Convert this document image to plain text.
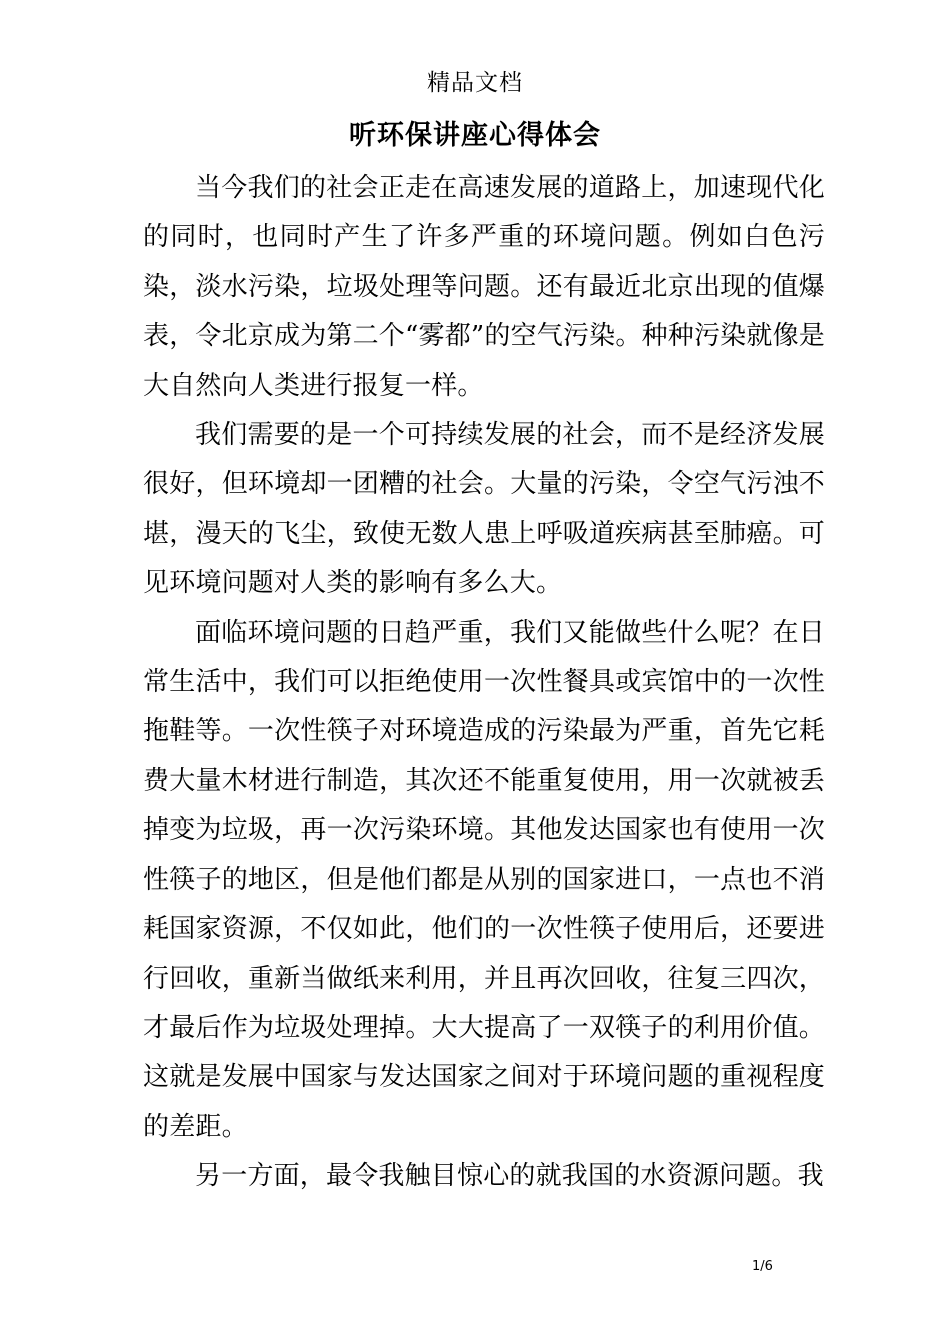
精品文档
听环保讲座心得体会

当今我们的社会正走在高速发展的道路上，加速现代化的同时，也同时产生了许多严重的环境问题。例如白色污染，淡水污染，垃圾处理等问题。还有最近北京出现的值爆表，令北京成为第二个“雾都”的空气污染。种种污染就像是大自然向人类进行报复一样。

我们需要的是一个可持续发展的社会，而不是经济发展很好，但环境却一团糟的社会。大量的污染，令空气污浊不堪，漫天的飞尘，致使无数人患上呼吸道疾病甚至肺癌。可见环境问题对人类的影响有多么大。

面临环境问题的日趋严重，我们又能做些什么呢？在日常生活中，我们可以拒绝使用一次性餐具或宾馆中的一次性拖鞋等。一次性筷子对环境造成的污染最为严重，首先它耗费大量木材进行制造，其次还不能重复使用，用一次就被丢掉变为垃圾，再一次污染环境。其他发达国家也有使用一次性筷子的地区，但是他们都是从别的国家进口，一点也不消耗国家资源，不仅如此，他们的一次性筷子使用后，还要进行回收，重新当做纸来利用，并且再次回收，往复三四次，才最后作为垃圾处理掉。大大提高了一双筷子的利用价值。这就是发展中国家与发达国家之间对于环境问题的重视程度的差距。

另一方面，最令我触目惊心的就我国的水资源问题。我

1/6
